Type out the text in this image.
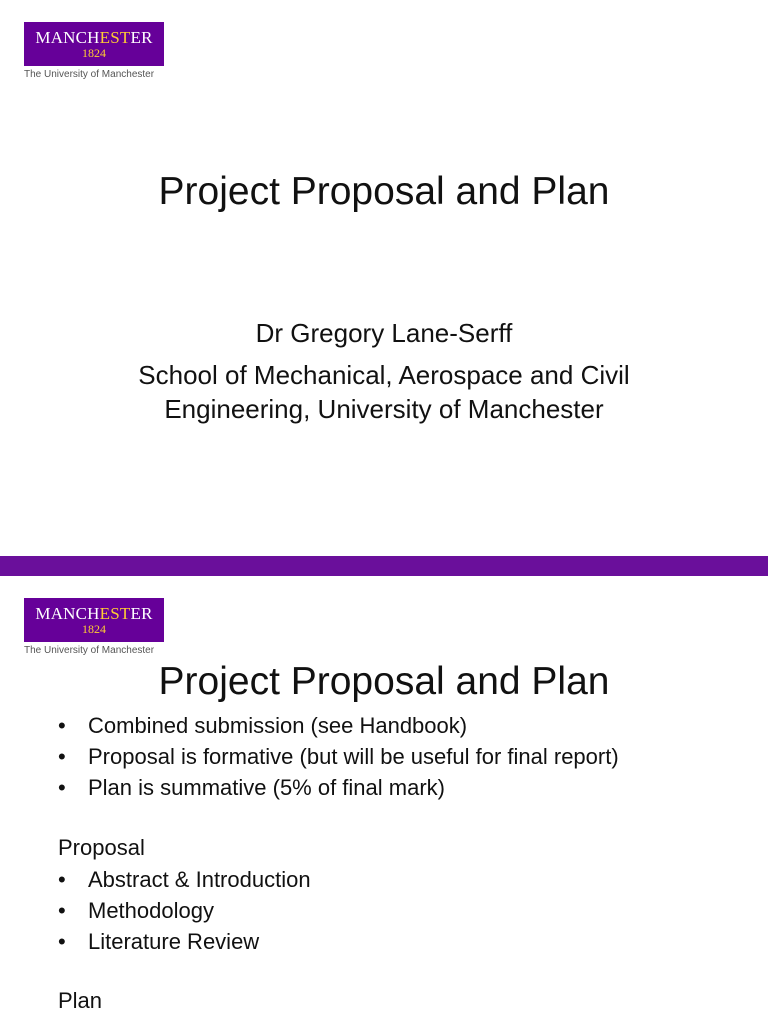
MANCHESTER
1824
The University of Manchester
Project Proposal and Plan
Dr Gregory Lane-Serff
School of Mechanical, Aerospace and Civil Engineering, University of Manchester
MANCHESTER
1824
The University of Manchester
Project Proposal and Plan
• Combined submission (see Handbook)
• Proposal is formative (but will be useful for final report)
• Plan is summative (5% of final mark)
Proposal
• Abstract & Introduction
• Methodology
• Literature Review
Plan
